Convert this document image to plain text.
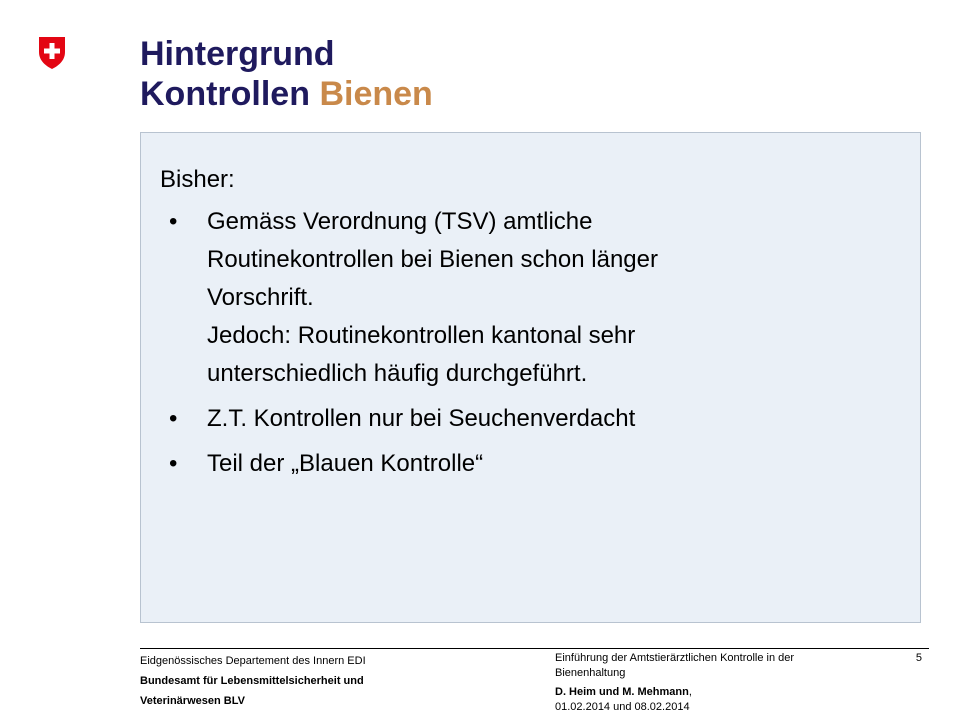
Hintergrund
Kontrollen Bienen
Bisher:
• Gemäss Verordnung (TSV) amtliche
Routinekontrollen bei Bienen schon länger
Vorschrift.
Jedoch: Routinekontrollen kantonal sehr
unterschiedlich häufig durchgeführt.
• Z.T. Kontrollen nur bei Seuchenverdacht
• Teil der „Blauen Kontrolle“
Eidgenössisches Departement des Innern EDI
Bundesamt für Lebensmittelsicherheit und
Veterinärwesen BLV
Einführung der Amtstierärztlichen Kontrolle in der
Bienenhaltung
D. Heim und M. Mehmann,
01.02.2014 und 08.02.2014
5
